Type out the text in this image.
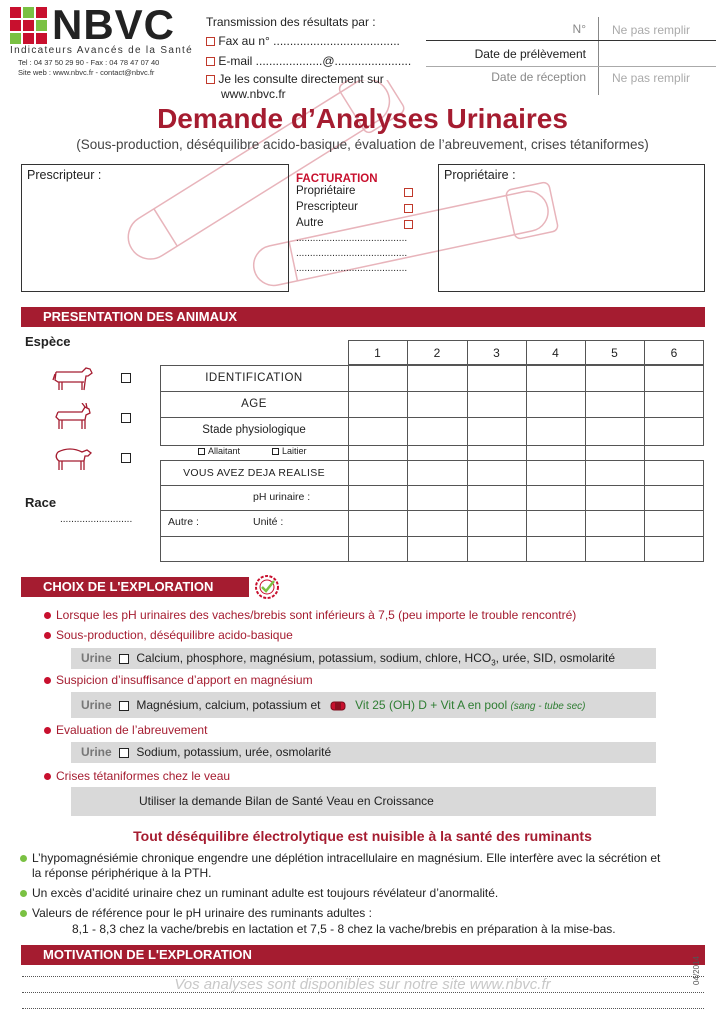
NBVC
Indicateurs Avancés de la Santé
Tel : 04 37 50 29 90 - Fax : 04 78 47 07 40
Site web : www.nbvc.fr - contact@nbvc.fr
Transmission des résultats par :
Fax au n° ......................................
E-mail ....................@.......................
Je les consulte directement sur
www.nbvc.fr
N° Ne pas remplir
Date de prélèvement
Date de réception Ne pas remplir
Demande d’Analyses Urinaires
(Sous-production, déséquilibre acido-basique, évaluation de l’abreuvement, crises tétaniformes)
Prescripteur :	FACTURATION
Propriétaire
Prescripteur
Autre
........................................
........................................
........................................
Propriétaire :
PRESENTATION DES ANIMAUX
Espèce
Race
..........................
1	2	3	4	5	6
IDENTIFICATION
AGE
Stade physiologique
Allaitant	Laitier
VOUS AVEZ DEJA REALISE
pH urinaire :
Autre :	Unité :
CHOIX DE L'EXPLORATION
Lorsque les pH urinaires des vaches/brebis sont inférieurs à 7,5 (peu importe le trouble rencontré)
Sous-production, déséquilibre acido-basique
Urine Calcium, phosphore, magnésium, potassium, sodium, chlore, $HCO_3$, urée, SID, osmolarité
Suspicion d’insuffisance d’apport en magnésium
Urine Magnésium, calcium, potassium et	Vit 25 (OH) D + Vit A en pool (sang - tube sec)
Evaluation de l’abreuvement
Urine Sodium, potassium, urée, osmolarité
Crises tétaniformes chez le veau
Utiliser la demande Bilan de Santé Veau en Croissance
Tout déséquilibre électrolytique est nuisible à la santé des ruminants
L’hypomagnésiémie chronique engendre une déplétion intracellulaire en magnésium. Elle interfère avec la sécrétion et
la réponse périphérique à la PTH.
Un excès d’acidité urinaire chez un ruminant adulte est toujours révélateur d’anormalité.
Valeurs de référence pour le pH urinaire des ruminants adultes :
8,1 - 8,3 chez la vache/brebis en lactation et 7,5 - 8 chez la vache/brebis en préparation à la mise-bas.
MOTIVATION DE L'EXPLORATION
Vos analyses sont disponibles sur notre site www.nbvc.fr	04/2014
